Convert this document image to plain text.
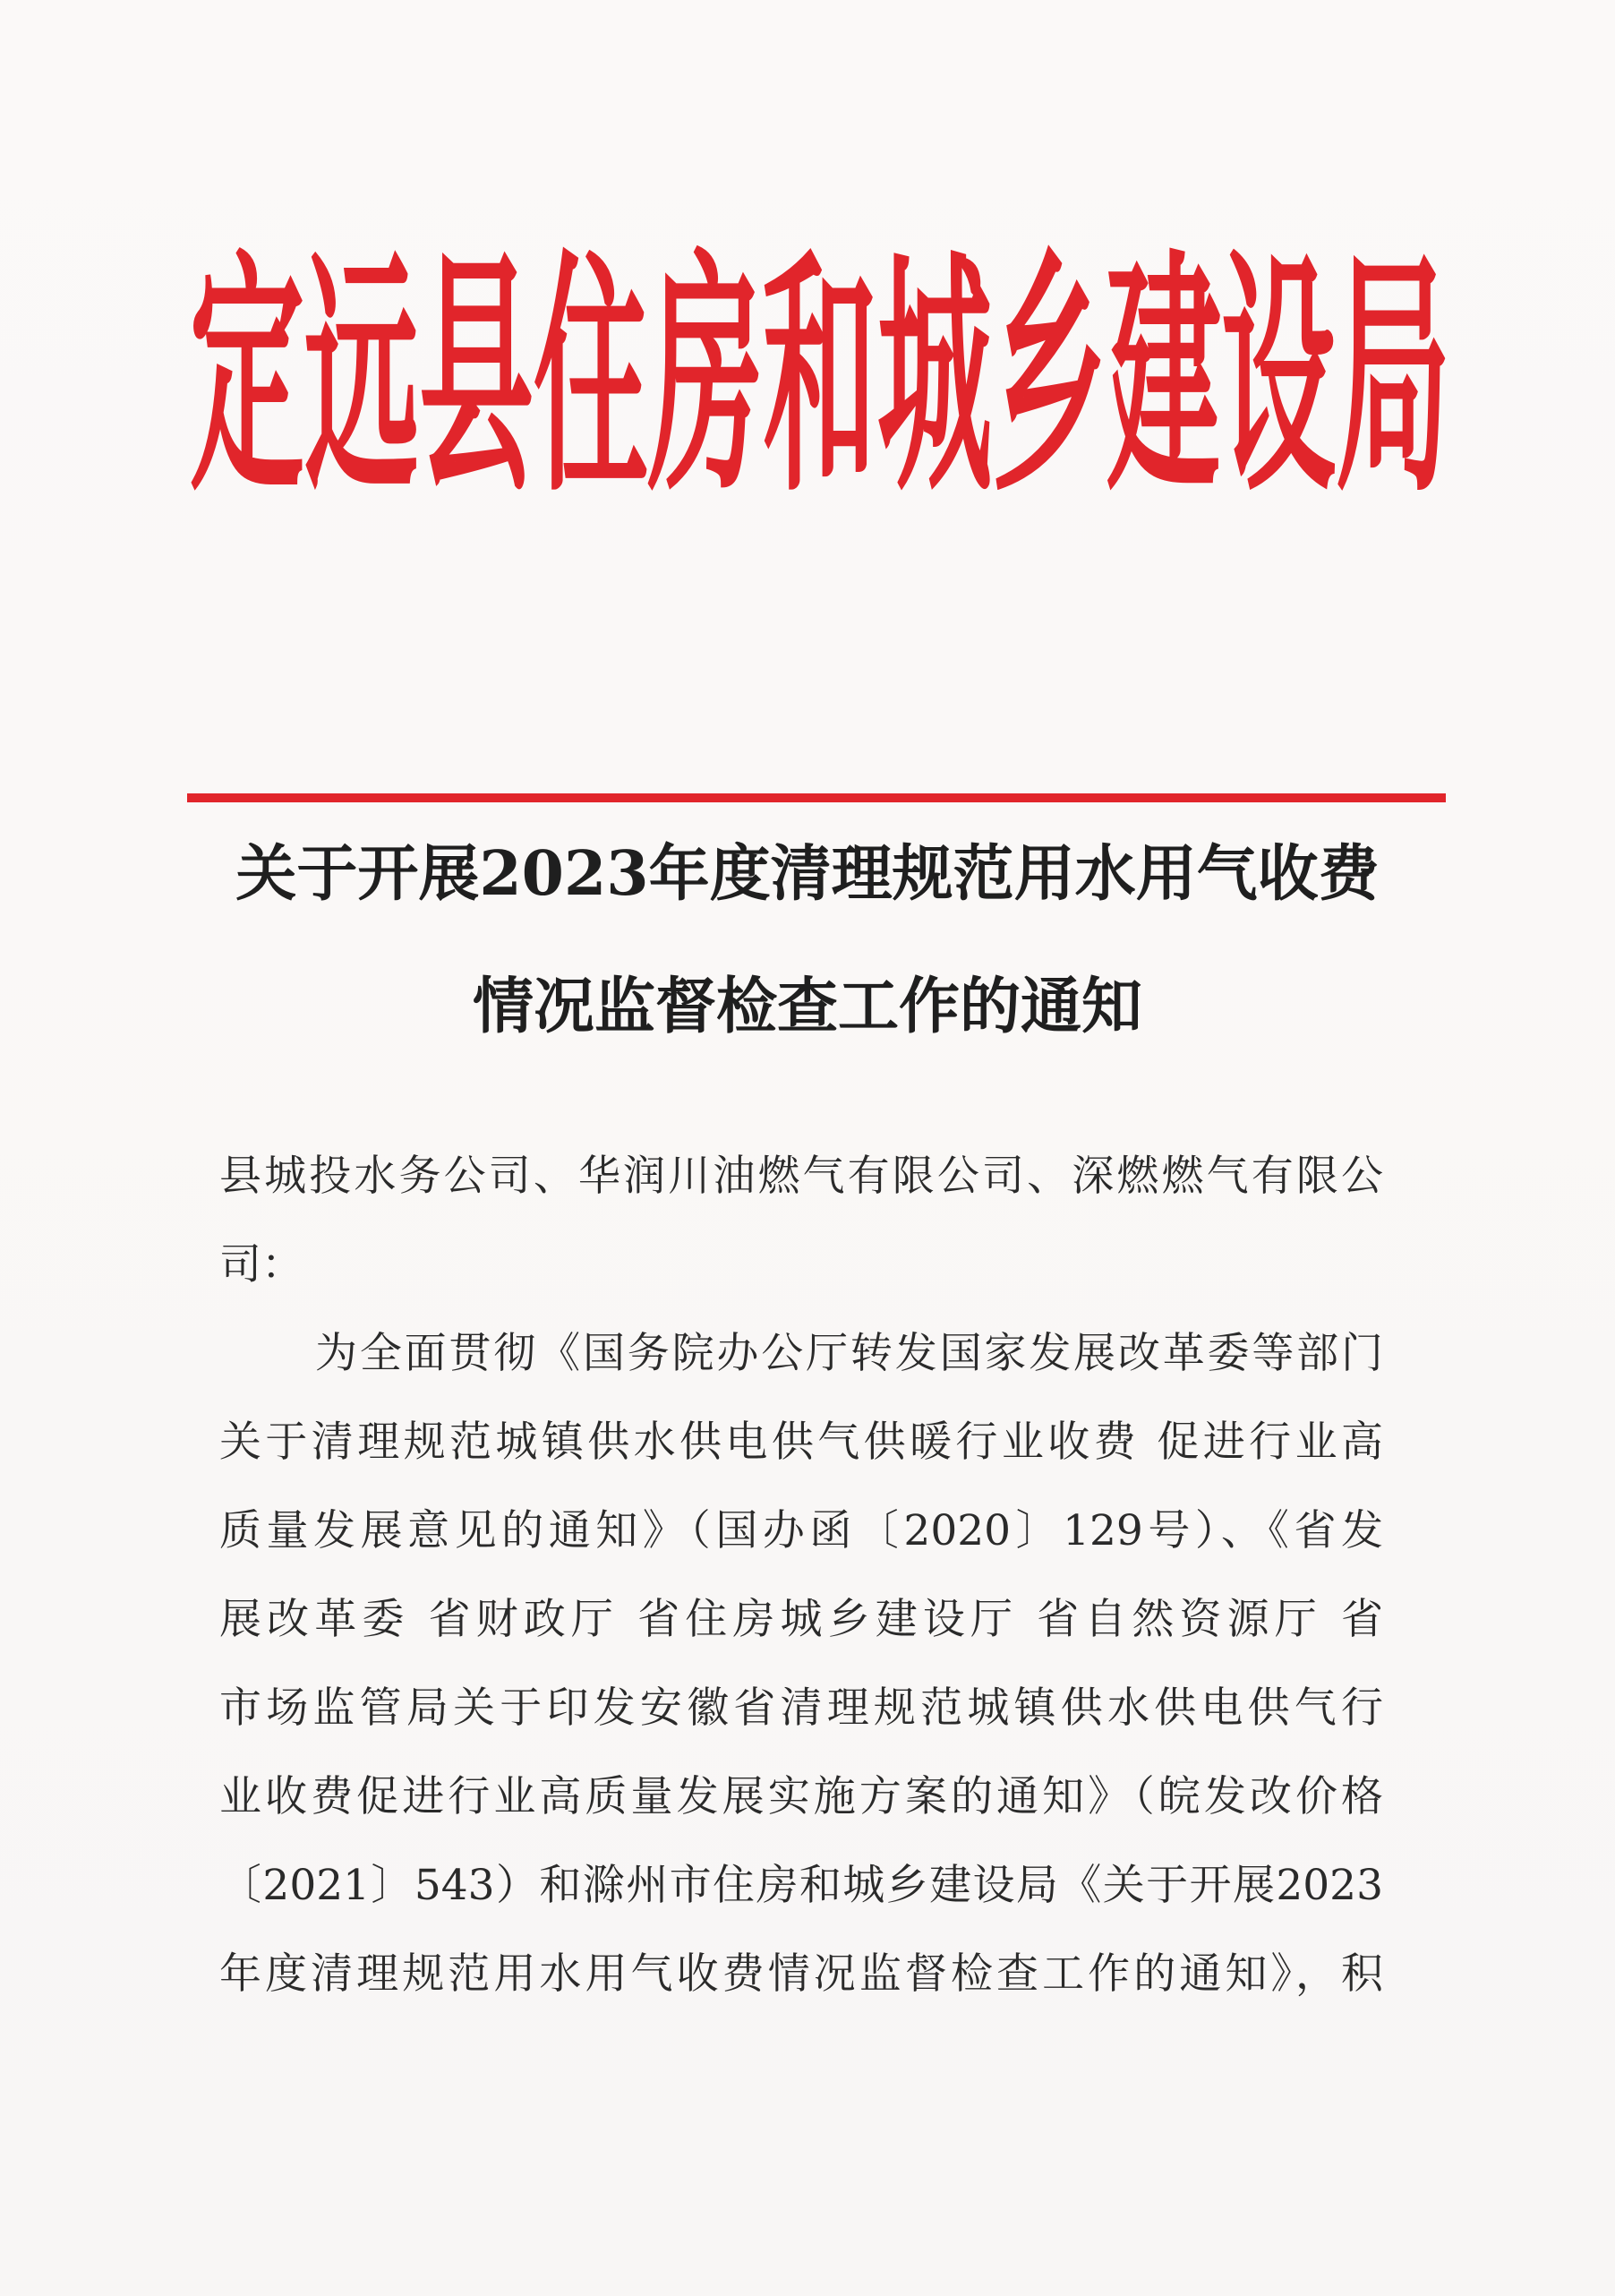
定远县住房和城乡建设局
关于开展2023年度清理规范用水用气收费
情况监督检查工作的通知
县城投水务公司、华润川油燃气有限公司、深燃燃气有限公
司：
为全面贯彻《国务院办公厅转发国家发展改革委等部门
关于清理规范城镇供水供电供气供暖行业收费 促进行业高
质量发展意见的通知》（国办函〔2020〕129号）、《省发
展改革委 省财政厅 省住房城乡建设厅 省自然资源厅 省
市场监管局关于印发安徽省清理规范城镇供水供电供气行
业收费促进行业高质量发展实施方案的通知》（皖发改价格
〔2021〕543）和滁州市住房和城乡建设局《关于开展2023
年度清理规范用水用气收费情况监督检查工作的通知》，积
